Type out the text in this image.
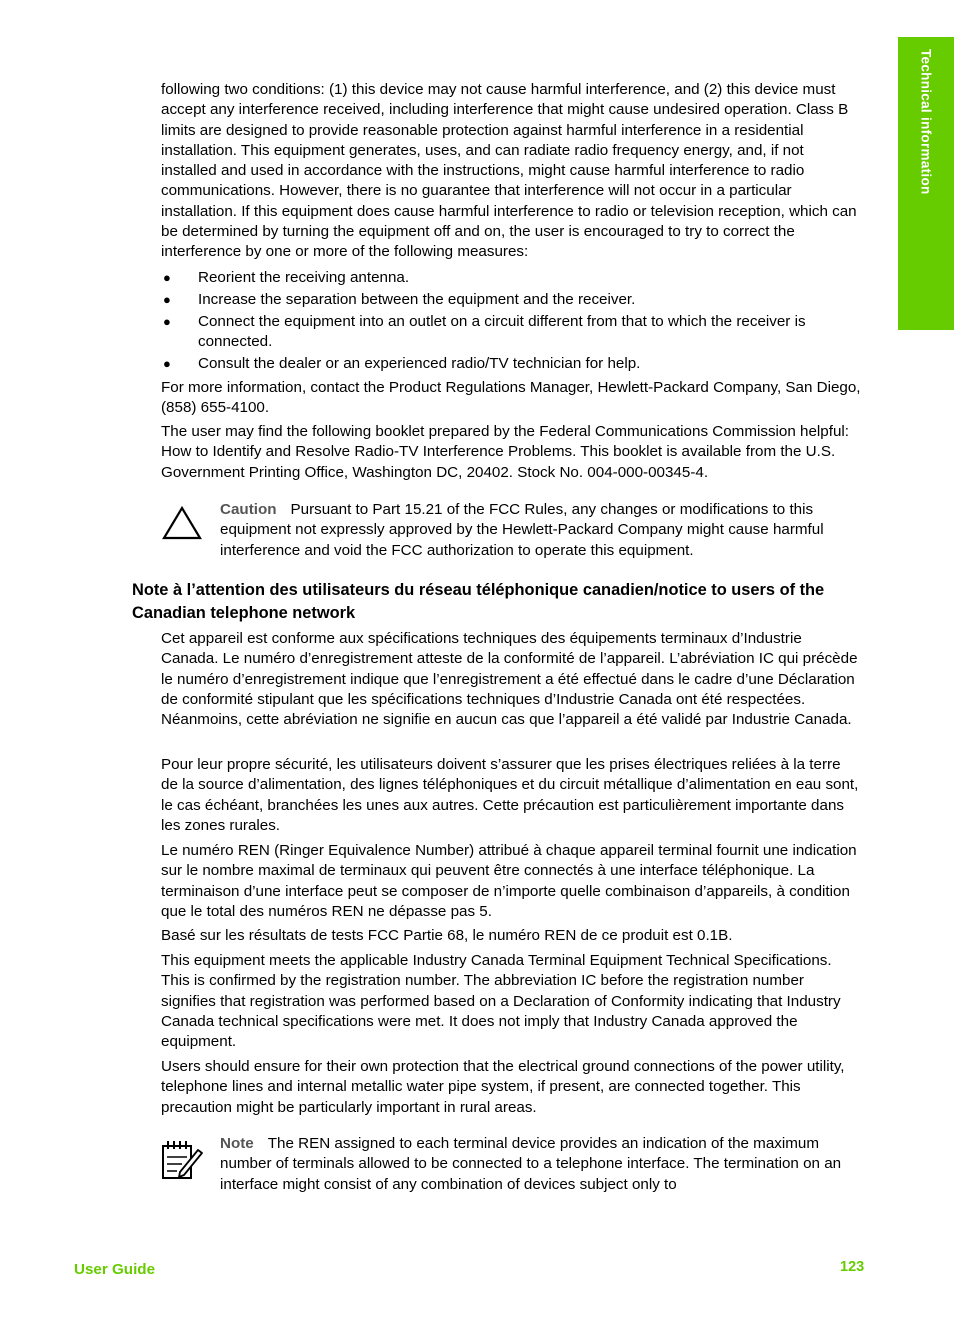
Technical information

following two conditions: (1) this device may not cause harmful interference, and (2) this device must accept any interference received, including interference that might cause undesired operation. Class B limits are designed to provide reasonable protection against harmful interference in a residential installation. This equipment generates, uses, and can radiate radio frequency energy, and, if not installed and used in accordance with the instructions, might cause harmful interference to radio communications. However, there is no guarantee that interference will not occur in a particular installation. If this equipment does cause harmful interference to radio or television reception, which can be determined by turning the equipment off and on, the user is encouraged to try to correct the interference by one or more of the following measures:

● Reorient the receiving antenna.

● Increase the separation between the equipment and the receiver.

● Connect the equipment into an outlet on a circuit different from that to which the receiver is connected.

● Consult the dealer or an experienced radio/TV technician for help.

For more information, contact the Product Regulations Manager, Hewlett-Packard Company, San Diego, (858) 655-4100.

The user may find the following booklet prepared by the Federal Communications Commission helpful: How to Identify and Resolve Radio-TV Interference Problems. This booklet is available from the U.S. Government Printing Office, Washington DC, 20402. Stock No. 004-000-00345-4.

Caution Pursuant to Part 15.21 of the FCC Rules, any changes or modifications to this equipment not expressly approved by the Hewlett-Packard Company might cause harmful interference and void the FCC authorization to operate this equipment.

Note à l’attention des utilisateurs du réseau téléphonique canadien/notice to users of the Canadian telephone network

Cet appareil est conforme aux spécifications techniques des équipements terminaux d’Industrie Canada. Le numéro d’enregistrement atteste de la conformité de l’appareil. L’abréviation IC qui précède le numéro d’enregistrement indique que l’enregistrement a été effectué dans le cadre d’une Déclaration de conformité stipulant que les spécifications techniques d’Industrie Canada ont été respectées. Néanmoins, cette abréviation ne signifie en aucun cas que l’appareil a été validé par Industrie Canada.

Pour leur propre sécurité, les utilisateurs doivent s’assurer que les prises électriques reliées à la terre de la source d’alimentation, des lignes téléphoniques et du circuit métallique d’alimentation en eau sont, le cas échéant, branchées les unes aux autres. Cette précaution est particulièrement importante dans les zones rurales.

Le numéro REN (Ringer Equivalence Number) attribué à chaque appareil terminal fournit une indication sur le nombre maximal de terminaux qui peuvent être connectés à une interface téléphonique. La terminaison d’une interface peut se composer de n’importe quelle combinaison d’appareils, à condition que le total des numéros REN ne dépasse pas 5.

Basé sur les résultats de tests FCC Partie 68, le numéro REN de ce produit est 0.1B.

This equipment meets the applicable Industry Canada Terminal Equipment Technical Specifications. This is confirmed by the registration number. The abbreviation IC before the registration number signifies that registration was performed based on a Declaration of Conformity indicating that Industry Canada technical specifications were met. It does not imply that Industry Canada approved the equipment.

Users should ensure for their own protection that the electrical ground connections of the power utility, telephone lines and internal metallic water pipe system, if present, are connected together. This precaution might be particularly important in rural areas.

Note The REN assigned to each terminal device provides an indication of the maximum number of terminals allowed to be connected to a telephone interface. The termination on an interface might consist of any combination of devices subject only to

User Guide	123
